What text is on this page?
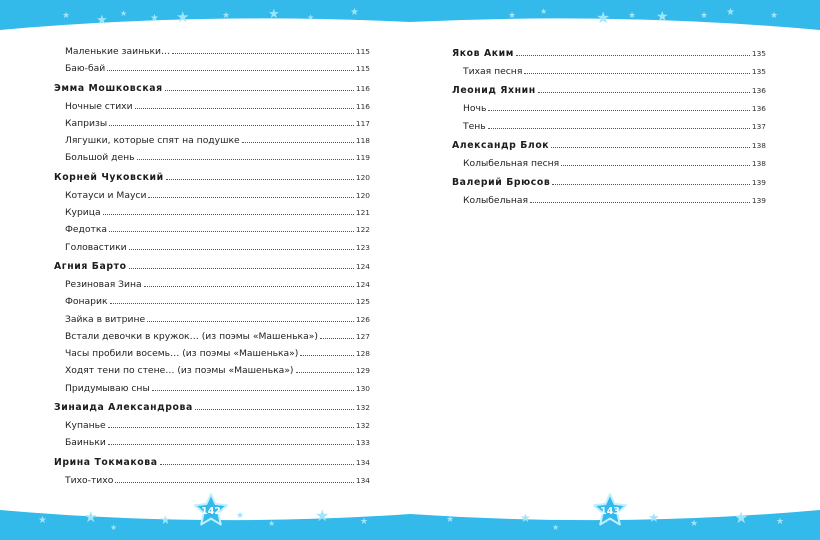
★ ★ ★ ★ ★	★	★	★	★	★	★	★ ★ ★	★ ★	★
★ ★
★
★	★
★ ★	★	★	★
★
★	★ ★	★
Маленькие заиньки…	115
Баю-бай	115
Эмма Мошковская	116
Ночные стихи	116
Капризы	117
Лягушки, которые спят на подушке	118
Большой день	119
Корней Чуковский	120
Котауси и Мауси	120
Курица	121
Федотка	122
Головастики	123
Агния Барто	124
Резиновая Зина	124
Фонарик	125
Зайка в витрине	126
Встали девочки в кружок… (из поэмы «Машенька»)	127
Часы пробили восемь… (из поэмы «Машенька»)	128
Ходят тени по стене… (из поэмы «Машенька»)	129
Придумываю сны	130
Зинаида Александрова	132
Купанье	132
Баиньки	133
Ирина Токмакова	134
Тихо-тихо	134
Яков Аким	135
Тихая песня	135
Леонид Яхнин	136
Ночь	136
Тень	137
Александр Блок	138
Колыбельная песня	138
Валерий Брюсов	139
Колыбельная	139
142	143
